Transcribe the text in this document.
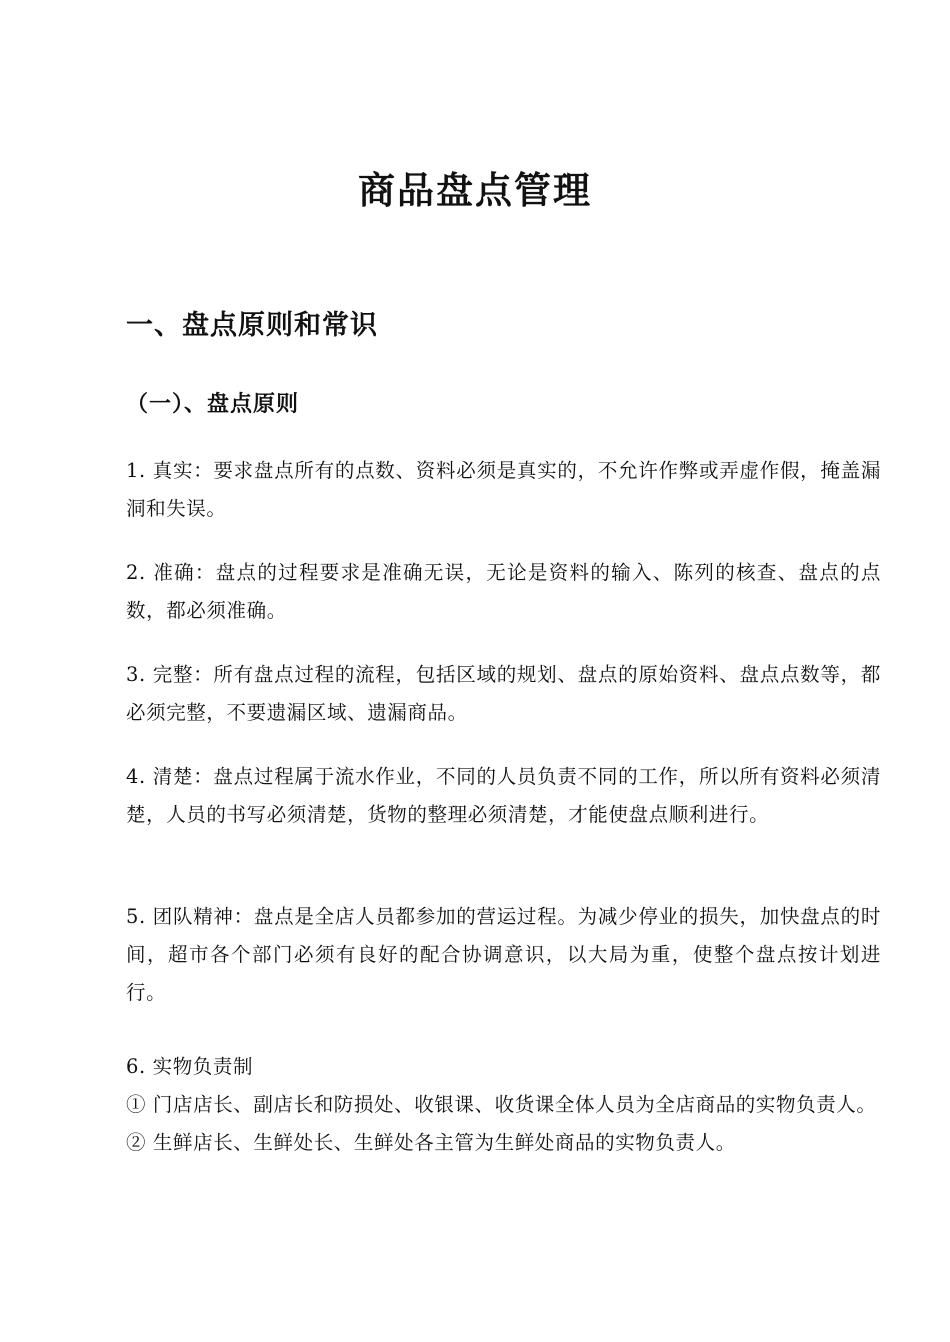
商品盘点管理
一、盘点原则和常识
（一）、盘点原则

1. 真实：要求盘点所有的点数、资料必须是真实的，不允许作弊或弄虚作假，掩盖漏洞和失误。

2. 准确：盘点的过程要求是准确无误，无论是资料的输入、陈列的核查、盘点的点数，都必须准确。

3. 完整：所有盘点过程的流程，包括区域的规划、盘点的原始资料、盘点点数等，都必须完整，不要遗漏区域、遗漏商品。

4. 清楚：盘点过程属于流水作业，不同的人员负责不同的工作，所以所有资料必须清楚，人员的书写必须清楚，货物的整理必须清楚，才能使盘点顺利进行。

5. 团队精神：盘点是全店人员都参加的营运过程。为减少停业的损失，加快盘点的时间，超市各个部门必须有良好的配合协调意识，以大局为重，使整个盘点按计划进行。

6. 实物负责制
① 门店店长、副店长和防损处、收银课、收货课全体人员为全店商品的实物负责人。
② 生鲜店长、生鲜处长、生鲜处各主管为生鲜处商品的实物负责人。
